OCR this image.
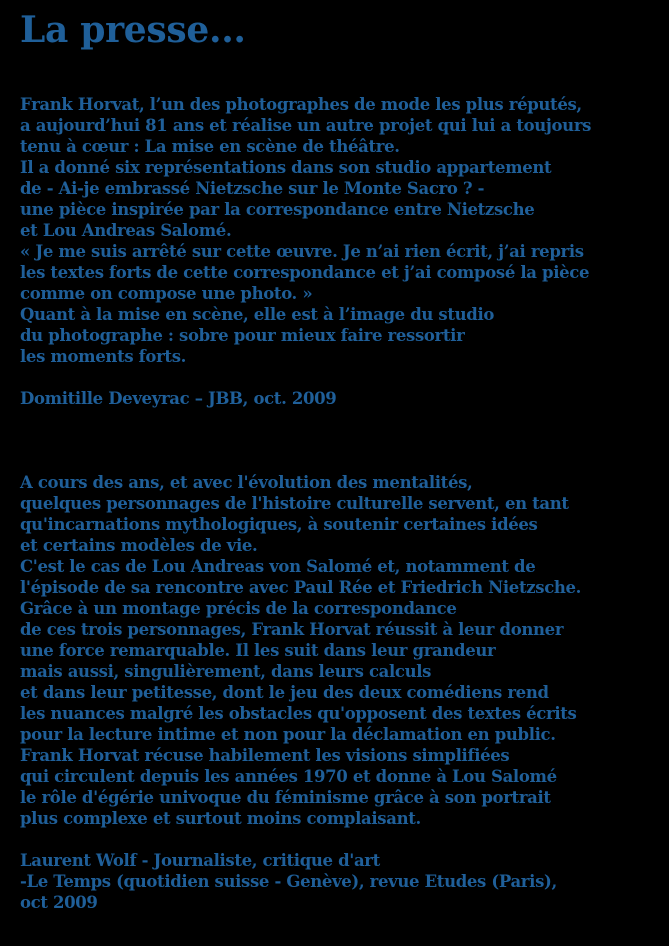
La presse...
Frank Horvat, l’un des photographes de mode les plus réputés,
a aujourd’hui 81 ans et réalise un autre projet qui lui a toujours
tenu à cœur : La mise en scène de théâtre.
Il a donné six représentations dans son studio appartement
de - Ai-je embrassé Nietzsche sur le Monte Sacro ? -
une pièce inspirée par la correspondance entre Nietzsche
et Lou Andreas Salomé.
« Je me suis arrêté sur cette œuvre. Je n’ai rien écrit, j’ai repris
les textes forts de cette correspondance et j’ai composé la pièce
comme on compose une photo. »
Quant à la mise en scène, elle est à l’image du studio
du photographe : sobre pour mieux faire ressortir
les moments forts.
Domitille Deveyrac – JBB, oct. 2009
A cours des ans, et avec l'évolution des mentalités,
quelques personnages de l'histoire culturelle servent, en tant
qu'incarnations mythologiques, à soutenir certaines idées
et certains modèles de vie.
C'est le cas de Lou Andreas von Salomé et, notamment de
l'épisode de sa rencontre avec Paul Rée et Friedrich Nietzsche.
Grâce à un montage précis de la correspondance
de ces trois personnages, Frank Horvat réussit à leur donner
une force remarquable. Il les suit dans leur grandeur
mais aussi, singulièrement, dans leurs calculs
et dans leur petitesse, dont le jeu des deux comédiens rend
les nuances malgré les obstacles qu'opposent des textes écrits
pour la lecture intime et non pour la déclamation en public.
Frank Horvat récuse habilement les visions simplifiées
qui circulent depuis les années 1970 et donne à Lou Salomé
le rôle d'égérie univoque du féminisme grâce à son portrait
plus complexe et surtout moins complaisant.
Laurent Wolf - Journaliste, critique d'art
-Le Temps (quotidien suisse - Genève), revue Etudes (Paris),
oct 2009
